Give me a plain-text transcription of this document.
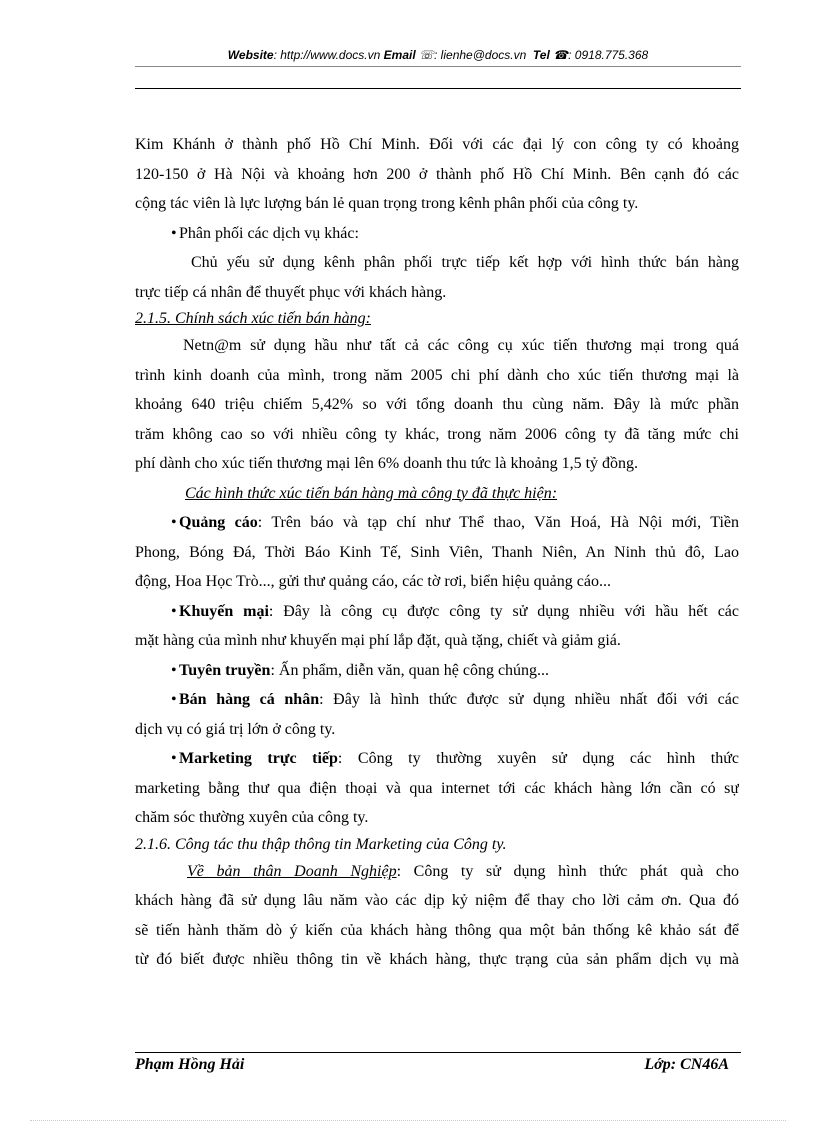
Website: http://www.docs.vn Email ☏: lienhe@docs.vn Tel ☎: 0918.775.368
Kim Khánh ở thành phố Hồ Chí Minh. Đối với các đại lý con công ty có khoảng
120-150 ở Hà Nội và khoảng hơn 200 ở thành phố Hồ Chí Minh. Bên cạnh đó các
cộng tác viên là lực lượng bán lẻ quan trọng trong kênh phân phối của công ty.
• Phân phối các dịch vụ khác:
Chủ yếu sử dụng kênh phân phối trực tiếp kết hợp với hình thức bán hàng
trực tiếp cá nhân để thuyết phục với khách hàng.
2.1.5. Chính sách xúc tiến bán hàng:
Netn@m sử dụng hầu như tất cả các công cụ xúc tiến thương mại trong quá
trình kinh doanh của mình, trong năm 2005 chi phí dành cho xúc tiến thương mại là
khoảng 640 triệu chiếm 5,42% so với tổng doanh thu cùng năm. Đây là mức phần
trăm không cao so với nhiều công ty khác, trong năm 2006 công ty đã tăng mức chi
phí dành cho xúc tiến thương mại lên 6% doanh thu tức là khoảng 1,5 tỷ đồng.
Các hình thức xúc tiến bán hàng mà công ty đã thực hiện:
• Quảng cáo: Trên báo và tạp chí như Thể thao, Văn Hoá, Hà Nội mới, Tiền
Phong, Bóng Đá, Thời Báo Kinh Tế, Sinh Viên, Thanh Niên, An Ninh thủ đô, Lao
động, Hoa Học Trò..., gửi thư quảng cáo, các tờ rơi, biển hiệu quảng cáo...
• Khuyến mại: Đây là công cụ được công ty sử dụng nhiều với hầu hết các
mặt hàng của mình như khuyến mại phí lắp đặt, quà tặng, chiết và giảm giá.
• Tuyên truyền: Ấn phẩm, diễn văn, quan hệ công chúng...
• Bán hàng cá nhân: Đây là hình thức được sử dụng nhiều nhất đối với các
dịch vụ có giá trị lớn ở công ty.
• Marketing trực tiếp: Công ty thường xuyên sử dụng các hình thức
marketing bằng thư qua điện thoại và qua internet tới các khách hàng lớn cần có sự
chăm sóc thường xuyên của công ty.
2.1.6. Công tác thu thập thông tin Marketing của Công ty.
Về bản thân Doanh Nghiệp: Công ty sử dụng hình thức phát quà cho
khách hàng đã sử dụng lâu năm vào các dịp kỷ niệm để thay cho lời cảm ơn. Qua đó
sẽ tiến hành thăm dò ý kiến của khách hàng thông qua một bản thống kê khảo sát để
từ đó biết được nhiều thông tin về khách hàng, thực trạng của sản phẩm dịch vụ mà
Phạm Hồng Hải	Lớp: CN46A
